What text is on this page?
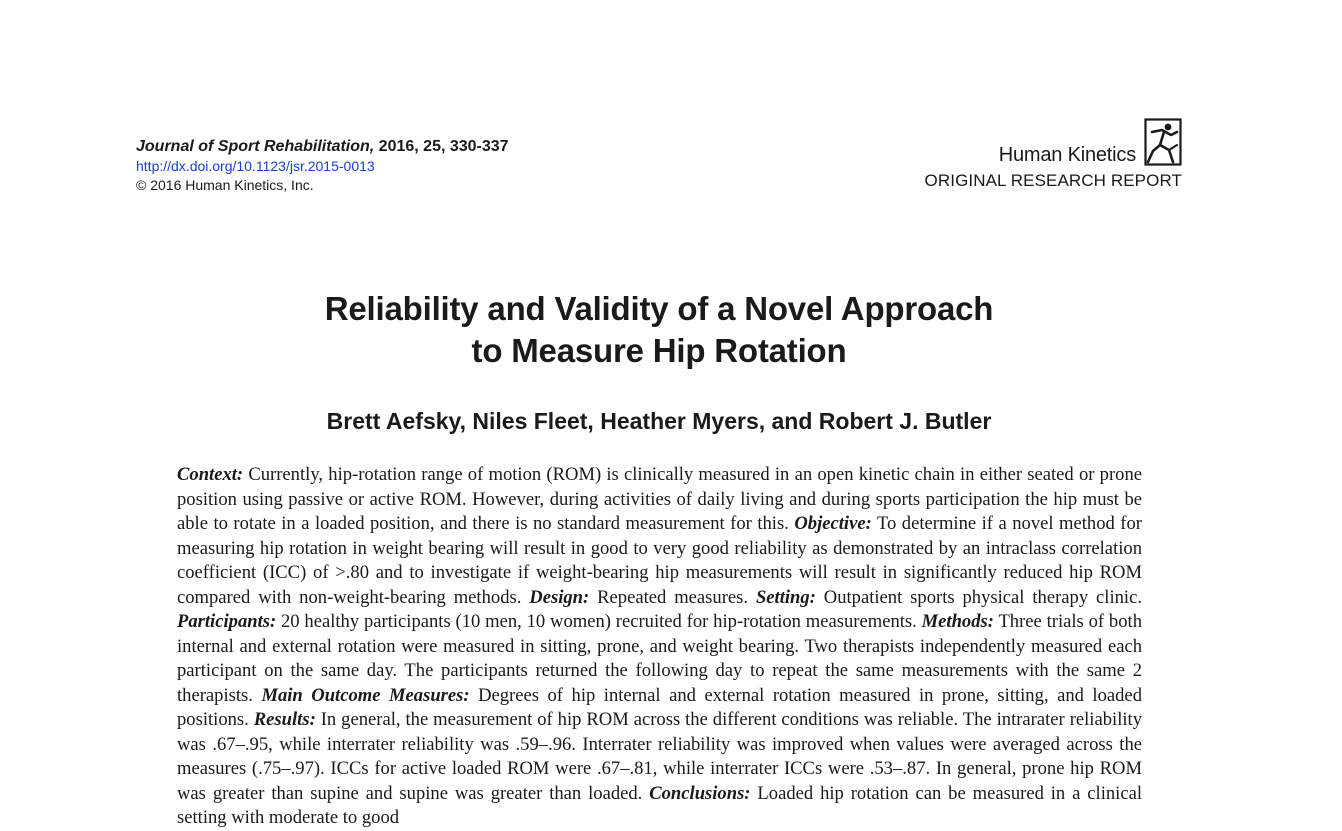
Journal of Sport Rehabilitation, 2016, 25, 330-337
http://dx.doi.org/10.1123/jsr.2015-0013
© 2016 Human Kinetics, Inc.
Human Kinetics
ORIGINAL RESEARCH REPORT
Reliability and Validity of a Novel Approach
to Measure Hip Rotation
Brett Aefsky, Niles Fleet, Heather Myers, and Robert J. Butler

Context: Currently, hip-rotation range of motion (ROM) is clinically measured in an open kinetic chain in either seated or prone position using passive or active ROM. However, during activities of daily living and during sports participation the hip must be able to rotate in a loaded position, and there is no standard measurement for this. Objective: To determine if a novel method for measuring hip rotation in weight bearing will result in good to very good reliability as demonstrated by an intraclass correlation coefficient (ICC) of >.80 and to investigate if weight-bearing hip measurements will result in significantly reduced hip ROM compared with non-weight-bearing methods. Design: Repeated measures. Setting: Outpatient sports physical therapy clinic. Participants: 20 healthy participants (10 men, 10 women) recruited for hip-rotation measurements. Methods: Three trials of both internal and external rotation were measured in sitting, prone, and weight bearing. Two therapists independently measured each participant on the same day. The participants returned the following day to repeat the same measurements with the same 2 therapists. Main Outcome Measures: Degrees of hip internal and external rotation measured in prone, sitting, and loaded positions. Results: In general, the measurement of hip ROM across the different conditions was reliable. The intrarater reliability was .67–.95, while interrater reliability was .59–.96. Interrater reliability was improved when values were averaged across the measures (.75–.97). ICCs for active loaded ROM were .67–.81, while interrater ICCs were .53–.87. In general, prone hip ROM was greater than supine and supine was greater than loaded. Conclusions: Loaded hip rotation can be measured in a clinical setting with moderate to good
